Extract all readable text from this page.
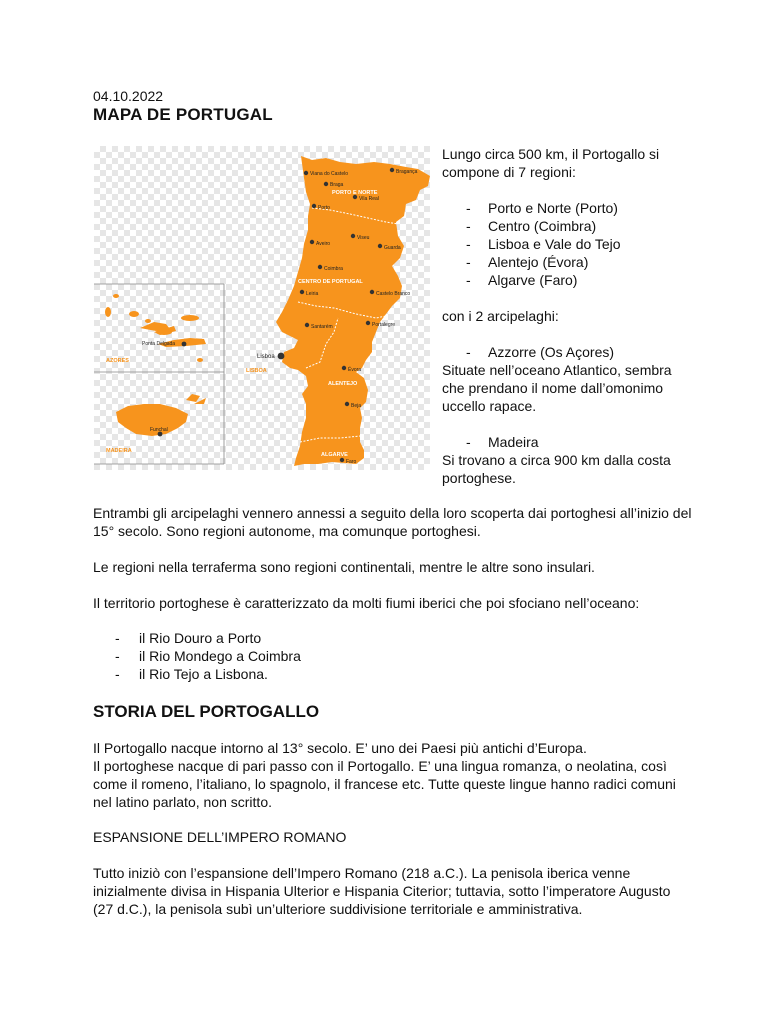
04.10.2022
MAPA DE PORTUGAL
Viana do Castelo	Bragança
Braga
Vila Real
Porto
Aveiro
Viseu
Guarda
Coimbra
Castelo Branco
Leiria
Santarém	Portalegre
Évora
Beja
Faro
Ponta Delgada
Funchal
Lisboa
PORTO E NORTE
CENTRO DE PORTUGAL
ALENTEJO
ALGARVE
LISBOA
AZORES
MADEIRA

Lungo circa 500 km, il Portogallo si compone di 7 regioni:

- Porto e Norte (Porto)
- Centro (Coimbra)
- Lisboa e Vale do Tejo
- Alentejo (Évora)
- Algarve (Faro)

con i 2 arcipelaghi:

- Azzorre (Os Açores)

Situate nell’oceano Atlantico, sembra che prendano il nome dall’omonimo uccello rapace.

- Madeira

Si trovano a circa 900 km dalla costa portoghese.

Entrambi gli arcipelaghi vennero annessi a seguito della loro scoperta dai portoghesi all’inizio del 15° secolo. Sono regioni autonome, ma comunque portoghesi.

Le regioni nella terraferma sono regioni continentali, mentre le altre sono insulari.

Il territorio portoghese è caratterizzato da molti fiumi iberici che poi sfociano nell’oceano:

- il Rio Douro a Porto
- il Rio Mondego a Coimbra
- il Rio Tejo a Lisbona.
STORIA DEL PORTOGALLO

Il Portogallo nacque intorno al 13° secolo. E’ uno dei Paesi più antichi d’Europa.

Il portoghese nacque di pari passo con il Portogallo. E’ una lingua romanza, o neolatina, così come il romeno, l’italiano, lo spagnolo, il francese etc. Tutte queste lingue hanno radici comuni nel latino parlato, non scritto.

ESPANSIONE DELL’IMPERO ROMANO

Tutto iniziò con l’espansione dell’Impero Romano (218 a.C.). La penisola iberica venne inizialmente divisa in Hispania Ulterior e Hispania Citerior; tuttavia, sotto l’imperatore Augusto (27 d.C.), la penisola subì un’ulteriore suddivisione territoriale e amministrativa.
